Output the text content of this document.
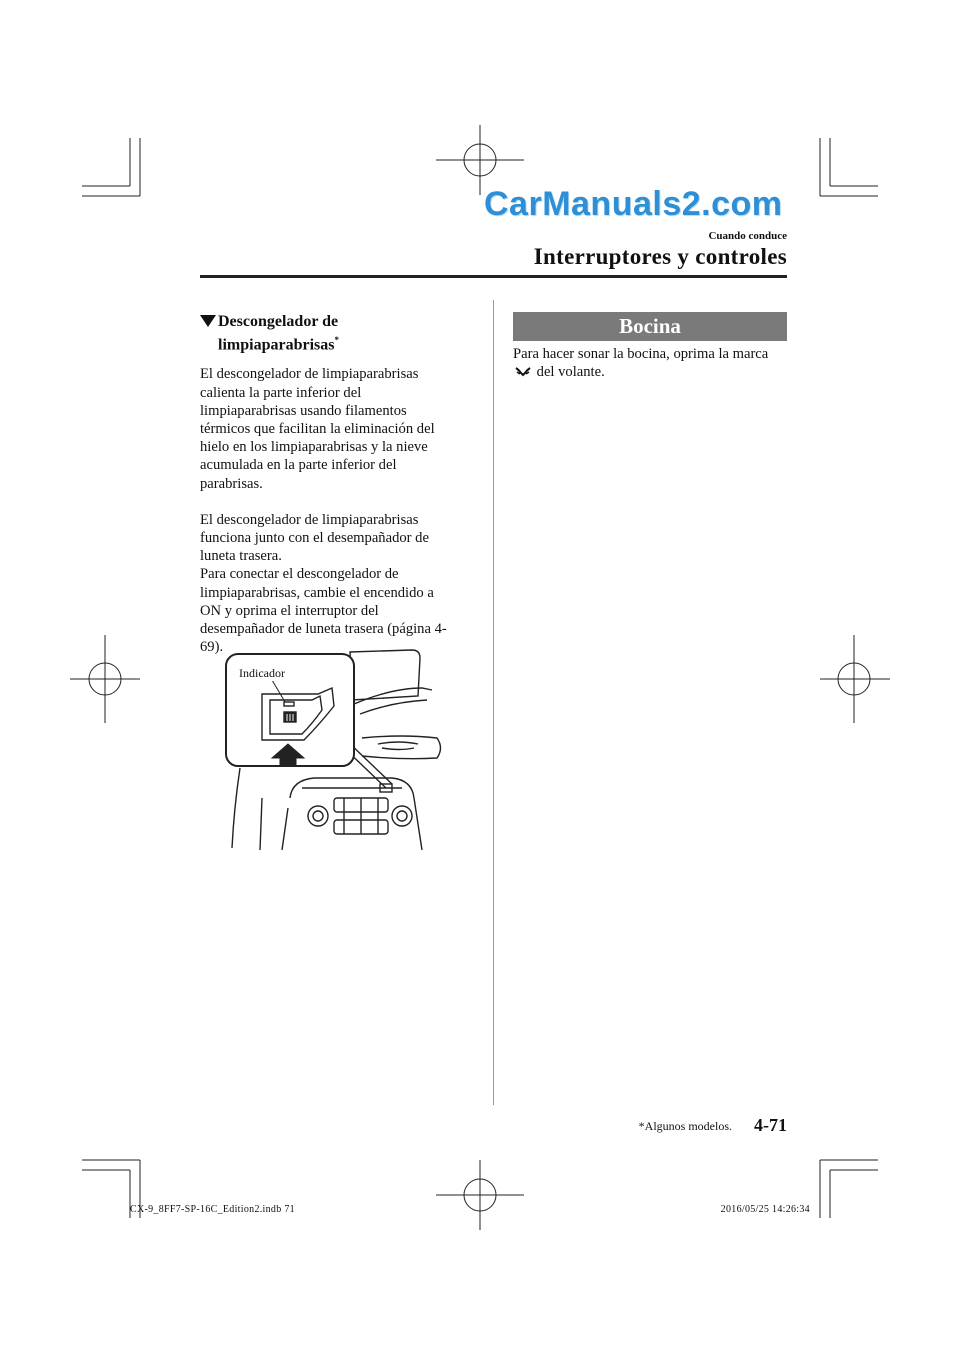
CarManuals2.com
Cuando conduce
Interruptores y controles
Descongelador de
limpiaparabrisas*

El descongelador de limpiaparabrisas calienta la parte inferior del limpiaparabrisas usando filamentos térmicos que facilitan la eliminación del hielo en los limpiaparabrisas y la nieve acumulada en la parte inferior del parabrisas.

El descongelador de limpiaparabrisas funciona junto con el desempañador de luneta trasera.

Para conectar el descongelador de limpiaparabrisas, cambie el encendido a ON y oprima el interruptor del desempañador de luneta trasera (página 4-69).

Indicador
Bocina

Para hacer sonar la bocina, oprima la marca  del volante.

*Algunos modelos. 4-71
CX-9_8FF7-SP-16C_Edition2.indb 71	2016/05/25 14:26:34
